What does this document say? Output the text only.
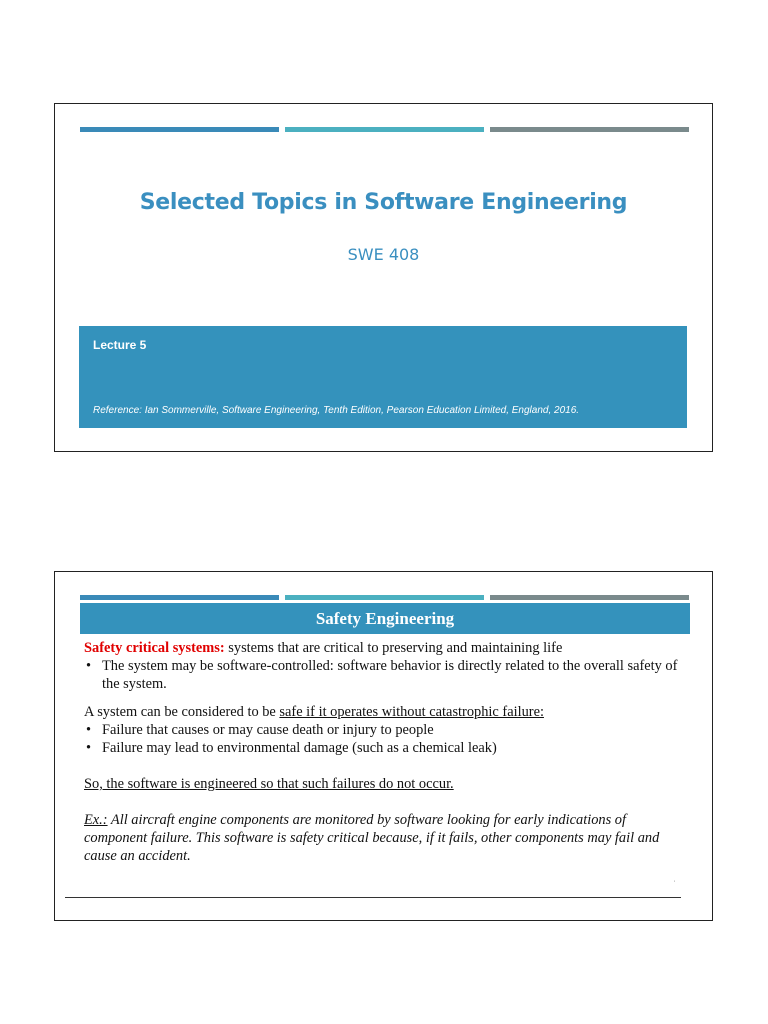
Selected Topics in Software Engineering
SWE 408
Lecture 5
Reference: Ian Sommerville, Software Engineering, Tenth Edition, Pearson Education Limited, England, 2016.
Safety Engineering

Safety critical systems: systems that are critical to preserving and maintaining life

• The system may be software-controlled: software behavior is directly related to the overall safety of the system.

A system can be considered to be safe if it operates without catastrophic failure:

• Failure that causes or may cause death or injury to people
• Failure may lead to environmental damage (such as a chemical leak)

So, the software is engineered so that such failures do not occur.

Ex.: All aircraft engine components are monitored by software looking for early indications of component failure. This software is safety critical because, if it fails, other components may fail and cause an accident.

'
